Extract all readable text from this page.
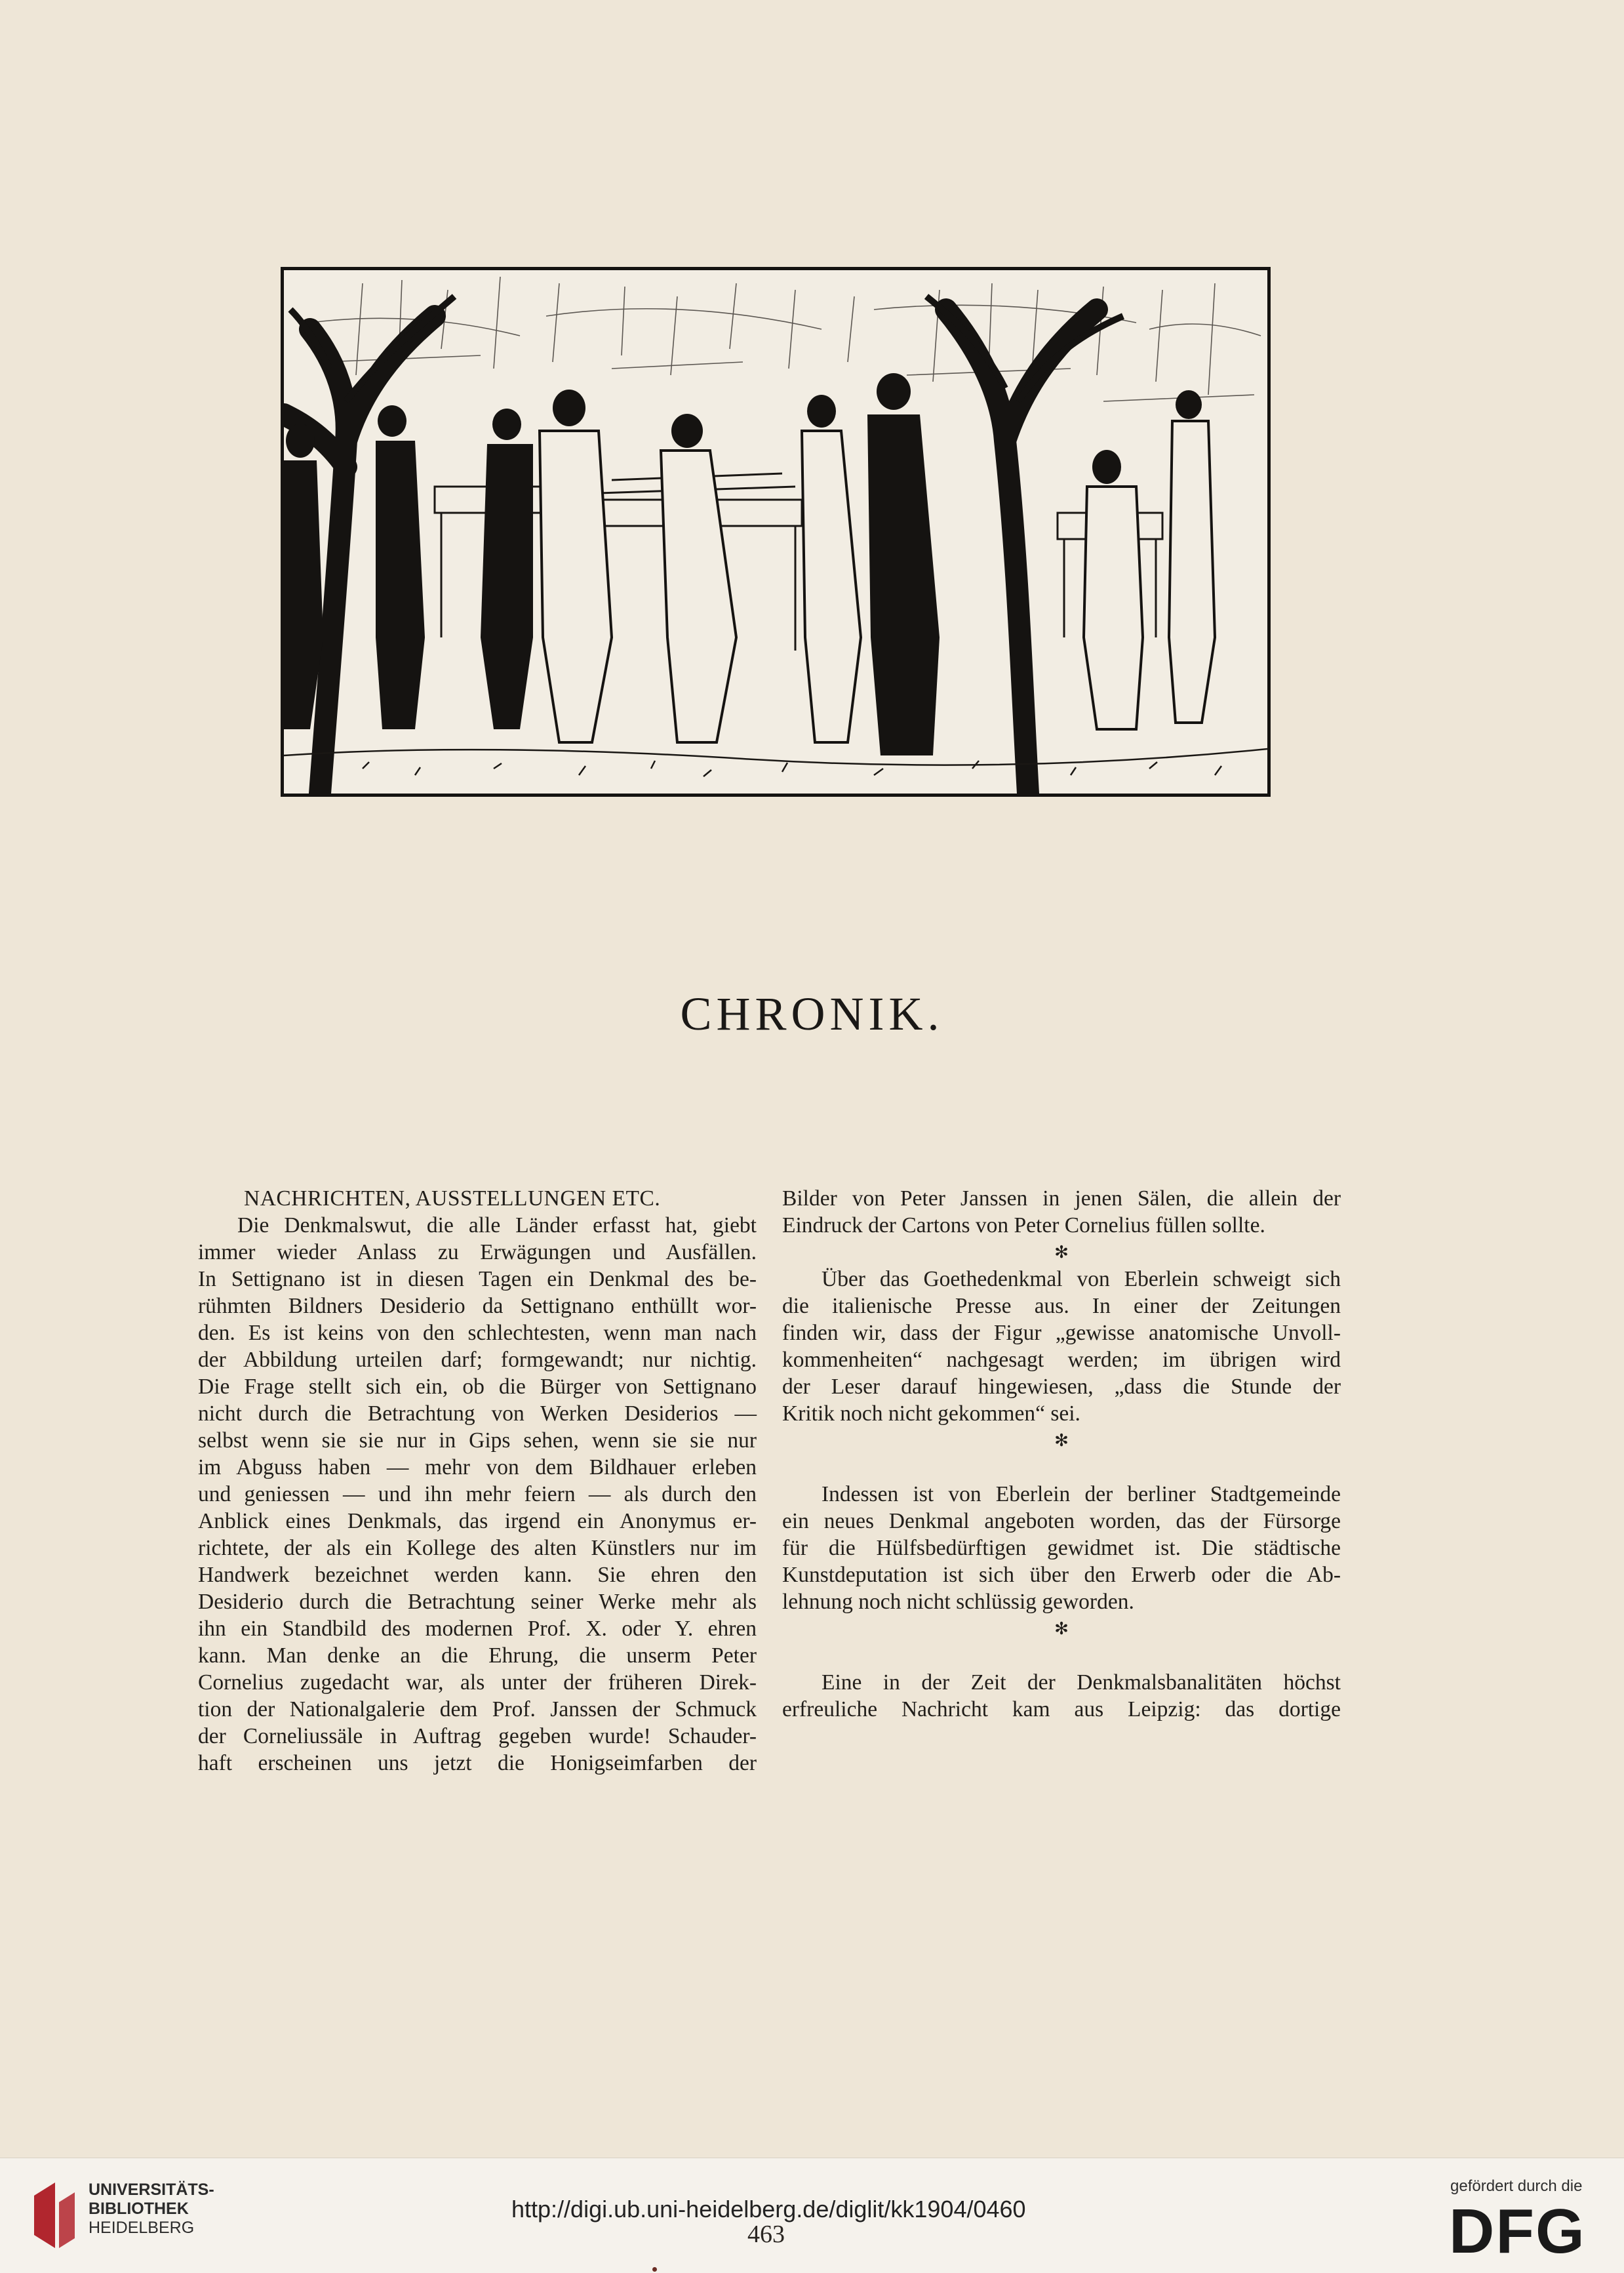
CHRONIK.
NACHRICHTEN, AUSSTELLUNGEN ETC.
Die Denkmalswut, die alle Länder erfasst hat, giebt
immer wieder Anlass zu Erwägungen und Ausfällen.
In Settignano ist in diesen Tagen ein Denkmal des be-
rühmten Bildners Desiderio da Settignano enthüllt wor-
den. Es ist keins von den schlechtesten, wenn man nach
der Abbildung urteilen darf; formgewandt; nur nichtig.
Die Frage stellt sich ein, ob die Bürger von Settignano
nicht durch die Betrachtung von Werken Desiderios —
selbst wenn sie sie nur in Gips sehen, wenn sie sie nur
im Abguss haben — mehr von dem Bildhauer erleben
und geniessen — und ihn mehr feiern — als durch den
Anblick eines Denkmals, das irgend ein Anonymus er-
richtete, der als ein Kollege des alten Künstlers nur im
Handwerk bezeichnet werden kann. Sie ehren den
Desiderio durch die Betrachtung seiner Werke mehr als
ihn ein Standbild des modernen Prof. X. oder Y. ehren
kann. Man denke an die Ehrung, die unserm Peter
Cornelius zugedacht war, als unter der früheren Direk-
tion der Nationalgalerie dem Prof. Janssen der Schmuck
der Corneliussäle in Auftrag gegeben wurde! Schauder-
haft erscheinen uns jetzt die Honigseimfarben der
Bilder von Peter Janssen in jenen Sälen, die allein der
Eindruck der Cartons von Peter Cornelius füllen sollte.
✻
Über das Goethedenkmal von Eberlein schweigt sich
die italienische Presse aus. In einer der Zeitungen
finden wir, dass der Figur „gewisse anatomische Unvoll-
kommenheiten“ nachgesagt werden; im übrigen wird
der Leser darauf hingewiesen, „dass die Stunde der
Kritik noch nicht gekommen“ sei.
✻
Indessen ist von Eberlein der berliner Stadtgemeinde
ein neues Denkmal angeboten worden, das der Fürsorge
für die Hülfsbedürftigen gewidmet ist. Die städtische
Kunstdeputation ist sich über den Erwerb oder die Ab-
lehnung noch nicht schlüssig geworden.
✻
Eine in der Zeit der Denkmalsbanalitäten höchst
erfreuliche Nachricht kam aus Leipzig: das dortige
463
UNIVERSITÄTS-
BIBLIOTHEK
HEIDELBERG
http://digi.ub.uni-heidelberg.de/diglit/kk1904/0460
gefördert durch die
DFG
